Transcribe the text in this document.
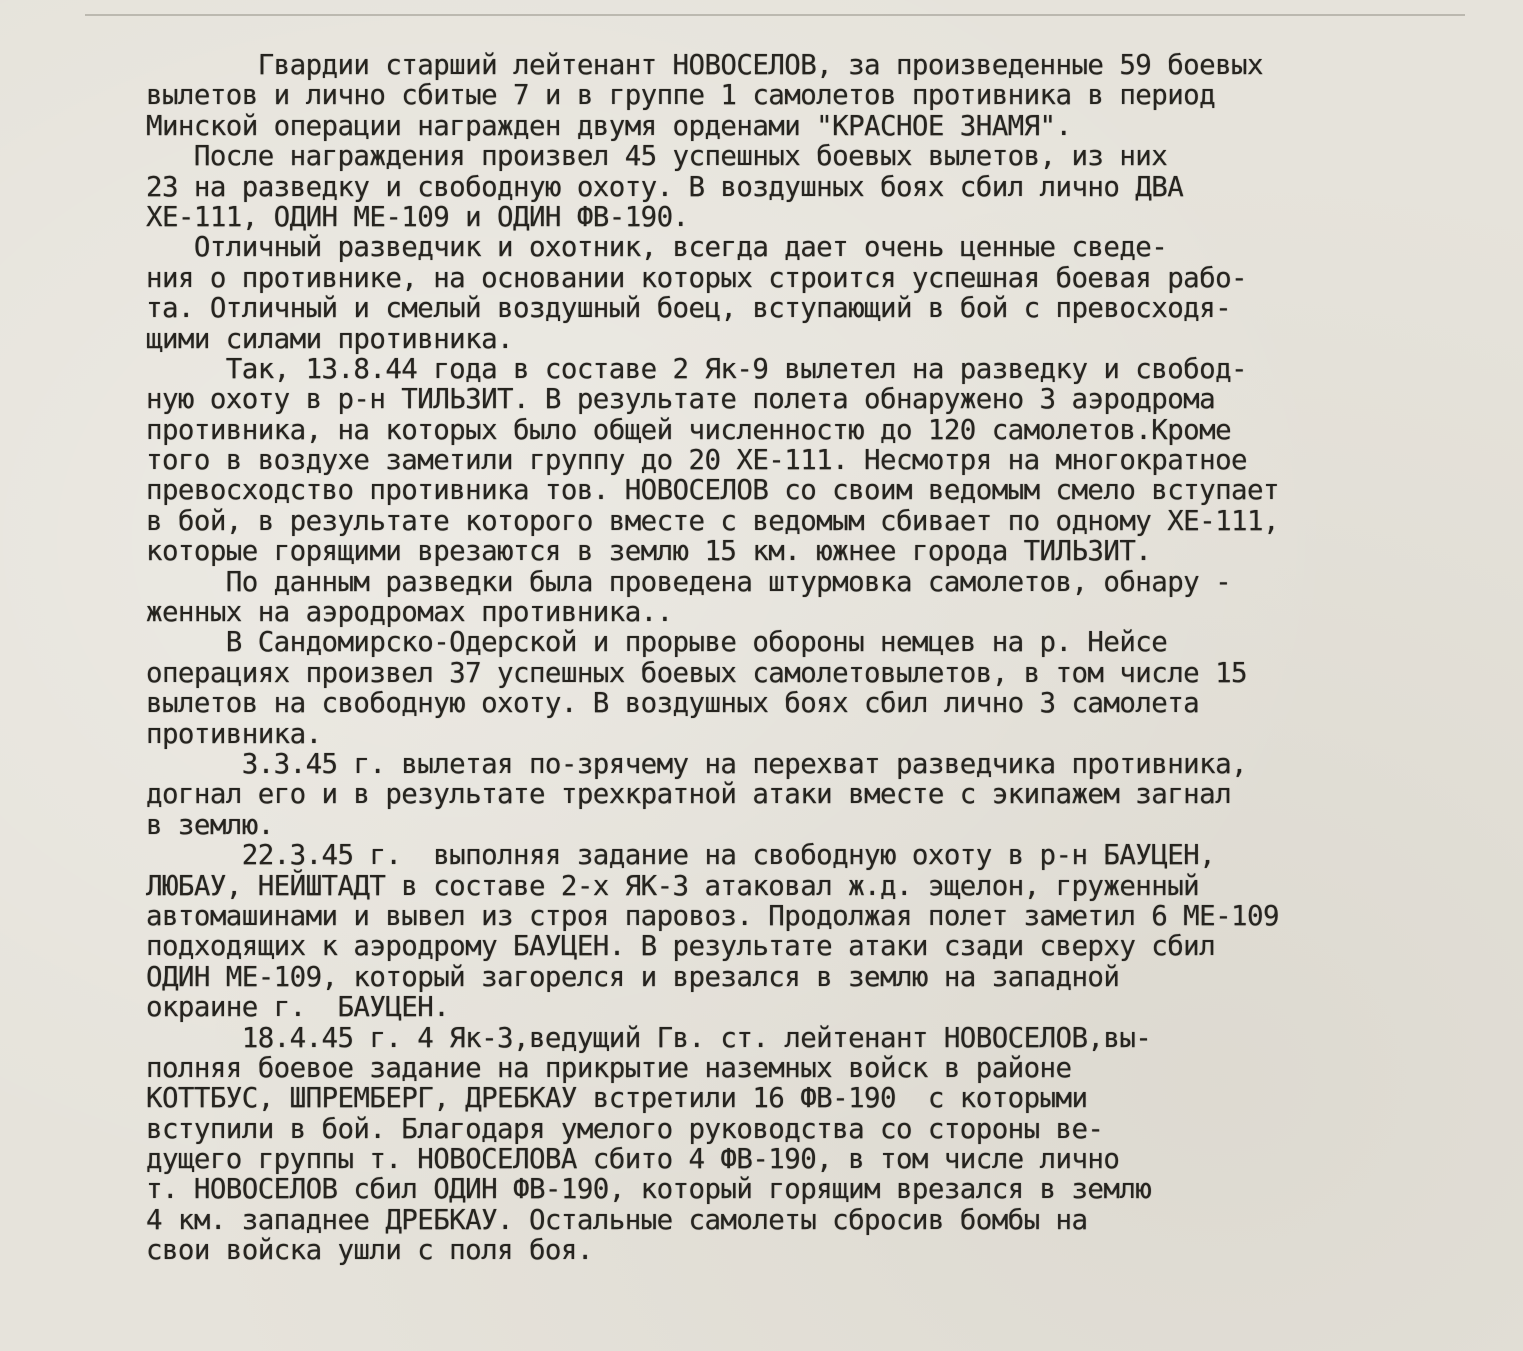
Гвардии старший лейтенант НОВОСЕЛОВ, за произведенные 59 боевых
вылетов и лично сбитые 7 и в группе 1 самолетов противника в период
Минской операции награжден двумя орденами "КРАСНОЕ ЗНАМЯ".
После награждения произвел 45 успешных боевых вылетов, из них
23 на разведку и свободную охоту. В воздушных боях сбил лично ДВА
ХЕ-111, ОДИН МЕ-109 и ОДИН ФВ-190.
Отличный разведчик и охотник, всегда дает очень ценные сведе-
ния о противнике, на основании которых строится успешная боевая рабо-
та. Отличный и смелый воздушный боец, вступающий в бой с превосходя-
щими силами противника.
Так, 13.8.44 года в составе 2 Як-9 вылетел на разведку и свобод-
ную охоту в р-н ТИЛЬЗИТ. В результате полета обнаружено 3 аэродрома
противника, на которых было общей численностю до 120 самолетов.Кроме
того в воздухе заметили группу до 20 ХЕ-111. Несмотря на многократное
превосходство противника тов. НОВОСЕЛОВ со своим ведомым смело вступает
в бой, в результате которого вместе с ведомым сбивает по одному ХЕ-111,
которые горящими врезаются в землю 15 км. южнее города ТИЛЬЗИТ.
По данным разведки была проведена штурмовка самолетов, обнару -
женных на аэродромах противника..
В Сандомирско-Одерской и прорыве обороны немцев на р. Нейсе
операциях произвел 37 успешных боевых самолетовылетов, в том числе 15
вылетов на свободную охоту. В воздушных боях сбил лично 3 самолета
противника.
3.3.45 г. вылетая по-зрячему на перехват разведчика противника,
догнал его и в результате трехкратной атаки вместе с экипажем загнал
в землю.
22.3.45 г.  выполняя задание на свободную охоту в р-н БАУЦЕН,
ЛЮБАУ, НЕЙШТАДТ в составе 2-х ЯК-3 атаковал ж.д. эщелон, груженный
автомашинами и вывел из строя паровоз. Продолжая полет заметил 6 МЕ-109
подходящих к аэродрому БАУЦЕН. В результате атаки сзади сверху сбил
ОДИН МЕ-109, который загорелся и врезался в землю на западной
окраине г.  БАУЦЕН.
18.4.45 г. 4 Як-3,ведущий Гв. ст. лейтенант НОВОСЕЛОВ,вы-
полняя боевое задание на прикрытие наземных войск в районе
КОТТБУС, ШПРЕМБЕРГ, ДРЕБКАУ встретили 16 ФВ-190  с которыми
вступили в бой. Благодаря умелого руководства со стороны ве-
дущего группы т. НОВОСЕЛОВА сбито 4 ФВ-190, в том числе лично
т. НОВОСЕЛОВ сбил ОДИН ФВ-190, который горящим врезался в землю
4 км. западнее ДРЕБКАУ. Остальные самолеты сбросив бомбы на
свои войска ушли с поля боя.
